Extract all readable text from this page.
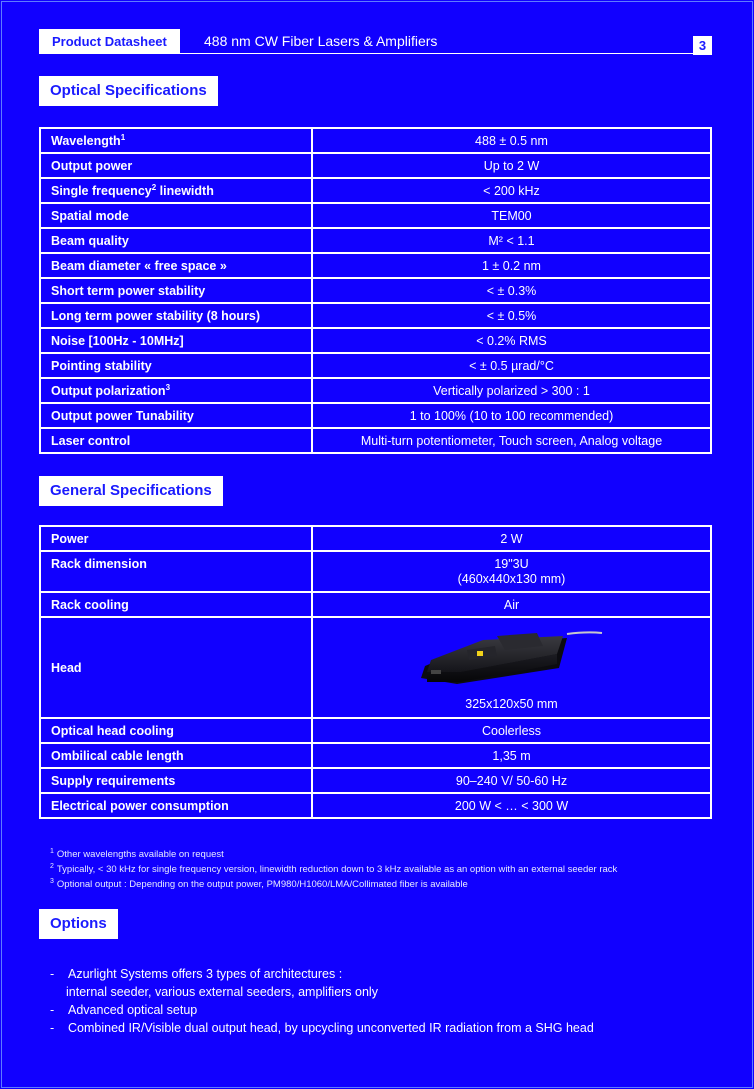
Product Datasheet	488 nm CW Fiber Lasers & Amplifiers	3
Optical Specifications
Wavelength$^1$	488 ± 0.5 nm
Output power	Up to 2 W
Single frequency$^2$ linewidth	< 200 kHz
Spatial mode	TEM00
Beam quality	M² < 1.1
Beam diameter « free space »	1 ± 0.2 nm
Short term power stability	< ± 0.3%
Long term power stability (8 hours)	< ± 0.5%
Noise [100Hz - 10MHz]	< 0.2% RMS
Pointing stability	< ± 0.5 µrad/°C
Output polarization$^3$	Vertically polarized > 300 : 1
Output power Tunability	1 to 100% (10 to 100 recommended)
Laser control	Multi-turn potentiometer, Touch screen, Analog voltage
General Specifications
Power	2 W
Rack dimension	19"3U
(460x440x130 mm)

Rack cooling	Air
Head	325x120x50 mm

Optical head cooling	Coolerless
Ombilical cable length	1,35 m
Supply requirements	90–240 V/ 50-60 Hz
Electrical power consumption	200 W < … < 300 W
$^1$ Other wavelengths available on request
$^2$ Typically, < 30 kHz for single frequency version, linewidth reduction down to 3 kHz available as an option with an external seeder rack
$^3$ Optional output : Depending on the output power, PM980/H1060/LMA/Collimated fiber is available
Options
-	Azurlight Systems offers 3 types of architectures :
internal seeder, various external seeders, amplifiers only
-	Advanced optical setup
-	Combined IR/Visible dual output head, by upcycling unconverted IR radiation from a SHG head
